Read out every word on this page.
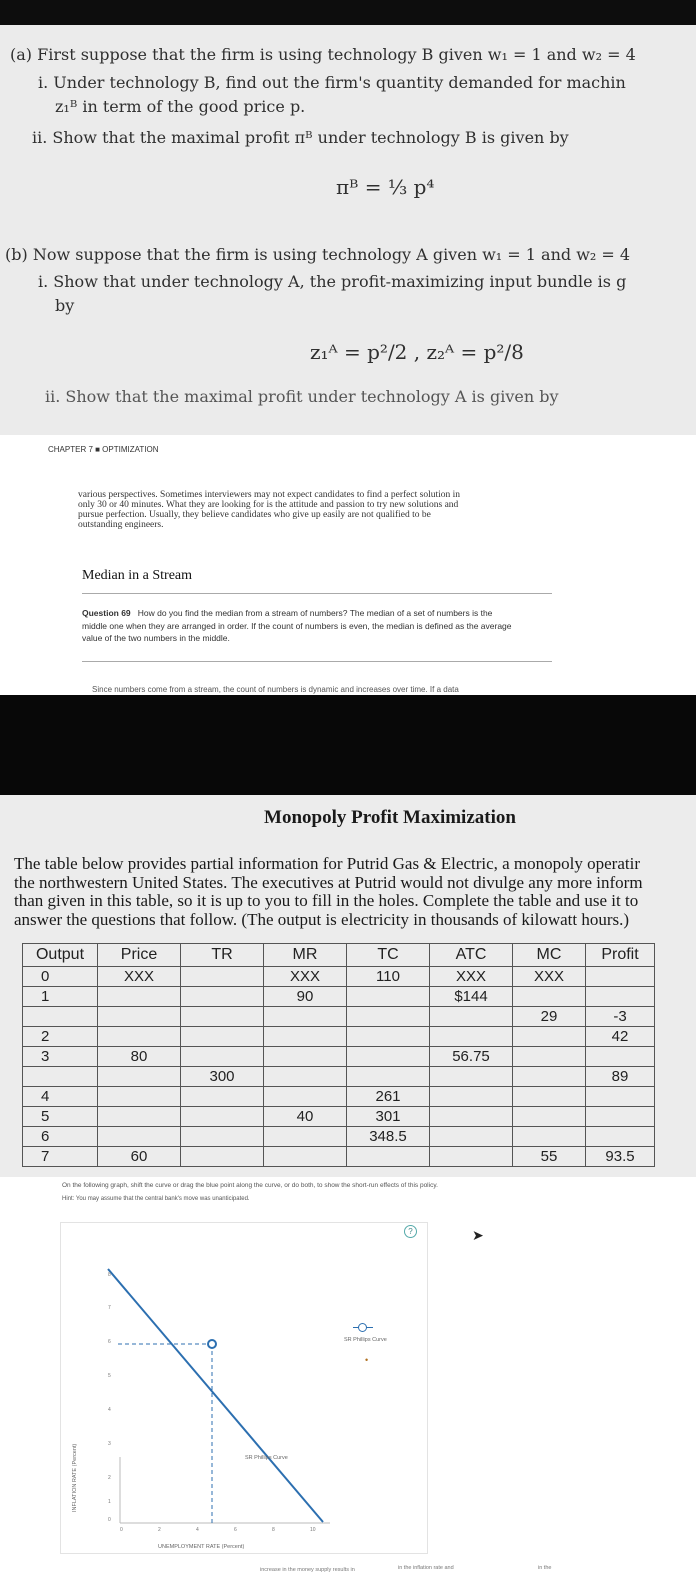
(a) First suppose that the firm is using technology B given w₁ = 1 and w₂ = 4
i. Under technology B, find out the firm's quantity demanded for machin
z₁ᴮ in term of the good price p.
ii. Show that the maximal profit πᴮ under technology B is given by
πᴮ = ⅓ p⁴
(b) Now suppose that the firm is using technology A given w₁ = 1 and w₂ = 4
i. Show that under technology A, the profit-maximizing input bundle is g
by
z₁ᴬ = p²/2 , z₂ᴬ = p²/8
ii. Show that the maximal profit under technology A is given by
CHAPTER 7 ■ OPTIMIZATION
various perspectives. Sometimes interviewers may not expect candidates to find a perfect solution in
only 30 or 40 minutes. What they are looking for is the attitude and passion to try new solutions and
pursue perfection. Usually, they believe candidates who give up easily are not qualified to be
outstanding engineers.
Median in a Stream
Question 69 How do you find the median from a stream of numbers? The median of a set of numbers is the
middle one when they are arranged in order. If the count of numbers is even, the median is defined as the average
value of the two numbers in the middle.
Since numbers come from a stream, the count of numbers is dynamic and increases over time. If a data
Monopoly Profit Maximization
The table below provides partial information for Putrid Gas & Electric, a monopoly operatir
the northwestern United States. The executives at Putrid would not divulge any more inform
than given in this table, so it is up to you to fill in the holes. Complete the table and use it to
answer the questions that follow. (The output is electricity in thousands of kilowatt hours.)
Output	Price	TR	MR	TC	ATC	MC	Profit
0	XXX		XXX	110	XXX	XXX	
1			90		$144		
						29	-3
2							42
3	80				56.75		
		300					89
4				261			
5			40	301			
6				348.5			
7	60					55	93.5
On the following graph, shift the curve or drag the blue point along the curve, or do both, to show the short-run effects of this policy.
Hint: You may assume that the central bank's move was unanticipated.
?	➤
SR Phillips Curve
•
SR Phillips Curve
INFLATION RATE (Percent)
UNEMPLOYMENT RATE (Percent)
8
7
6
5
4
3
2
1
0
0	2	4	6	8	10
increase in the money supply results in	in the inflation rate and	in the
